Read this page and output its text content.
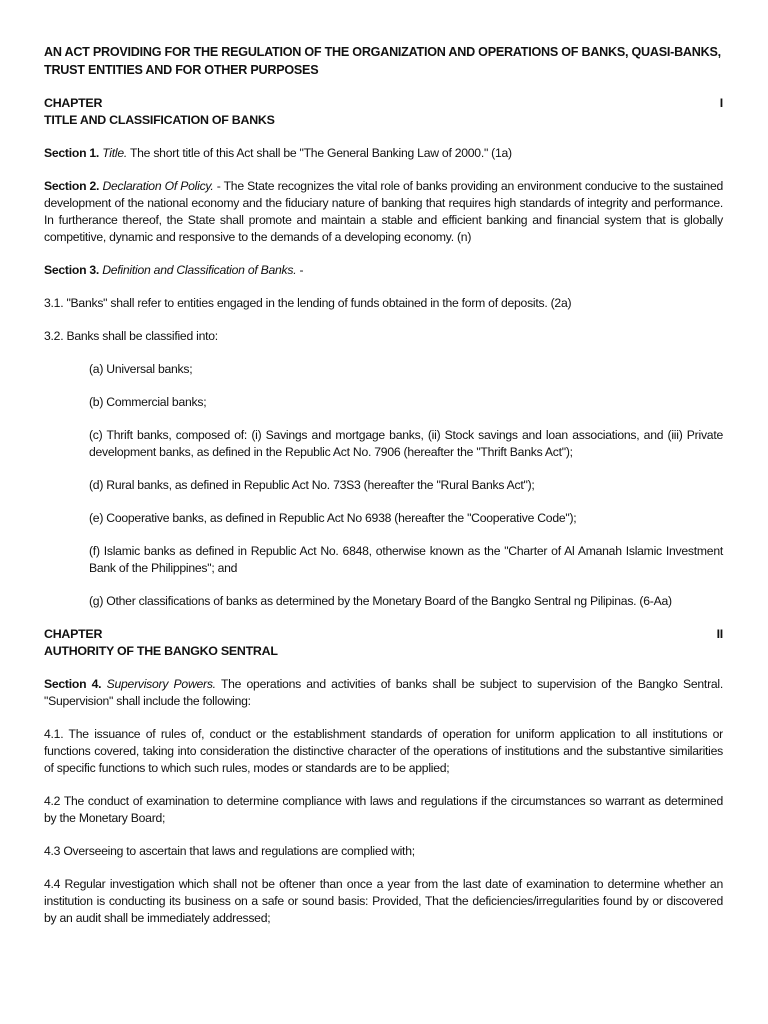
AN ACT PROVIDING FOR THE REGULATION OF THE ORGANIZATION AND OPERATIONS OF BANKS, QUASI-BANKS, TRUST ENTITIES AND FOR OTHER PURPOSES
CHAPTER	I
TITLE AND CLASSIFICATION OF BANKS

Section 1. Title. The short title of this Act shall be "The General Banking Law of 2000." (1a)

Section 2. Declaration Of Policy. - The State recognizes the vital role of banks providing an environment conducive to the sustained development of the national economy and the fiduciary nature of banking that requires high standards of integrity and performance. In furtherance thereof, the State shall promote and maintain a stable and efficient banking and financial system that is globally competitive, dynamic and responsive to the demands of a developing economy. (n)

Section 3. Definition and Classification of Banks. -

3.1. "Banks" shall refer to entities engaged in the lending of funds obtained in the form of deposits. (2a)

3.2. Banks shall be classified into:

(a) Universal banks;

(b) Commercial banks;

(c) Thrift banks, composed of: (i) Savings and mortgage banks, (ii) Stock savings and loan associations, and (iii) Private development banks, as defined in the Republic Act No. 7906 (hereafter the "Thrift Banks Act");

(d) Rural banks, as defined in Republic Act No. 73S3 (hereafter the "Rural Banks Act");

(e) Cooperative banks, as defined in Republic Act No 6938 (hereafter the "Cooperative Code");

(f) Islamic banks as defined in Republic Act No. 6848, otherwise known as the "Charter of Al Amanah Islamic Investment Bank of the Philippines"; and

(g) Other classifications of banks as determined by the Monetary Board of the Bangko Sentral ng Pilipinas. (6-Aa)

CHAPTER	II
AUTHORITY OF THE BANGKO SENTRAL

Section 4. Supervisory Powers. The operations and activities of banks shall be subject to supervision of the Bangko Sentral. "Supervision" shall include the following:

4.1. The issuance of rules of, conduct or the establishment standards of operation for uniform application to all institutions or functions covered, taking into consideration the distinctive character of the operations of institutions and the substantive similarities of specific functions to which such rules, modes or standards are to be applied;

4.2 The conduct of examination to determine compliance with laws and regulations if the circumstances so warrant as determined by the Monetary Board;

4.3 Overseeing to ascertain that laws and regulations are complied with;

4.4 Regular investigation which shall not be oftener than once a year from the last date of examination to determine whether an institution is conducting its business on a safe or sound basis: Provided, That the deficiencies/irregularities found by or discovered by an audit shall be immediately addressed;
